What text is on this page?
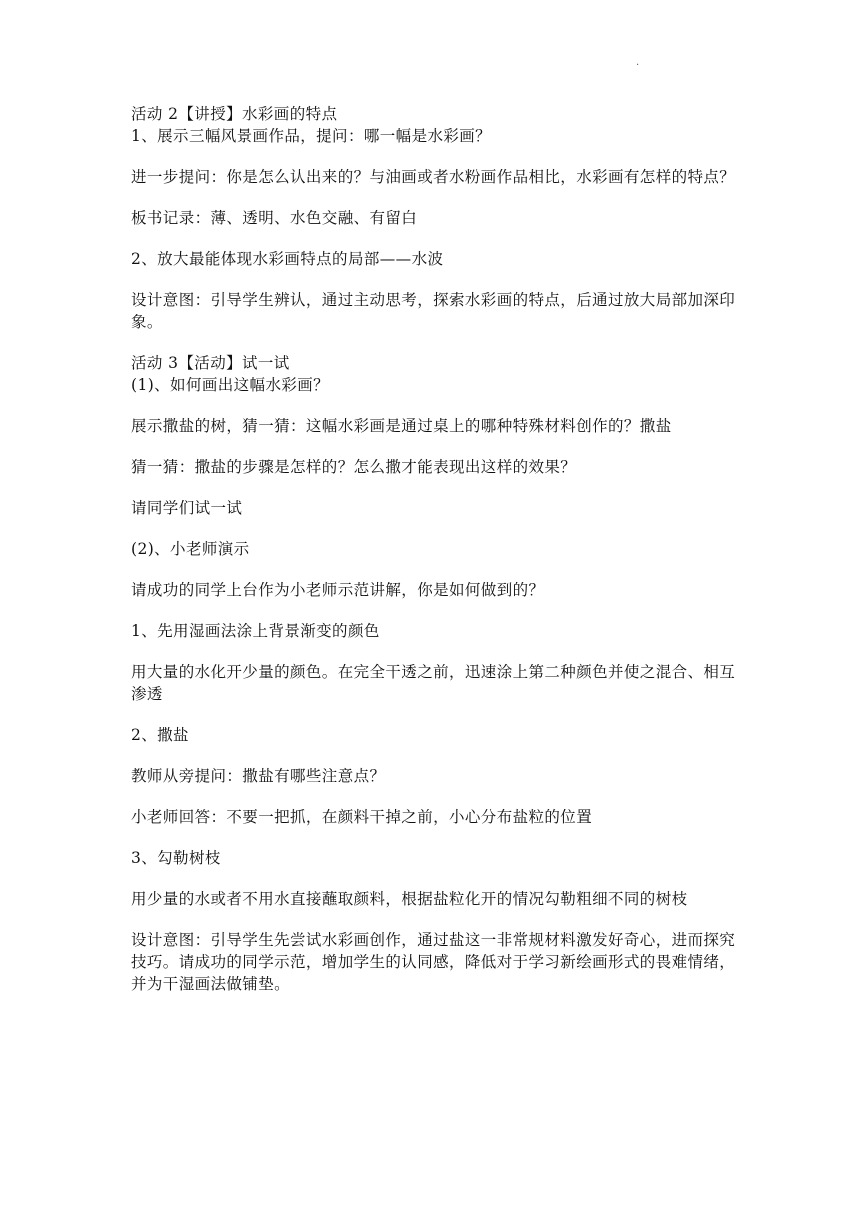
.

活动 2【讲授】水彩画的特点

1、展示三幅风景画作品，提问：哪一幅是水彩画？

进一步提问：你是怎么认出来的？与油画或者水粉画作品相比，水彩画有怎样的特点？

板书记录：薄、透明、水色交融、有留白

2、放大最能体现水彩画特点的局部——水波

设计意图：引导学生辨认，通过主动思考，探索水彩画的特点，后通过放大局部加深印象。

活动 3【活动】试一试

(1)、如何画出这幅水彩画？

展示撒盐的树，猜一猜：这幅水彩画是通过桌上的哪种特殊材料创作的？撒盐

猜一猜：撒盐的步骤是怎样的？怎么撒才能表现出这样的效果？

请同学们试一试

(2)、小老师演示

请成功的同学上台作为小老师示范讲解，你是如何做到的？

1、先用湿画法涂上背景渐变的颜色

用大量的水化开少量的颜色。在完全干透之前，迅速涂上第二种颜色并使之混合、相互渗透

2、撒盐

教师从旁提问：撒盐有哪些注意点？

小老师回答：不要一把抓，在颜料干掉之前，小心分布盐粒的位置

3、勾勒树枝

用少量的水或者不用水直接蘸取颜料，根据盐粒化开的情况勾勒粗细不同的树枝

设计意图：引导学生先尝试水彩画创作，通过盐这一非常规材料激发好奇心，进而探究技巧。请成功的同学示范，增加学生的认同感，降低对于学习新绘画形式的畏难情绪，并为干湿画法做铺垫。
